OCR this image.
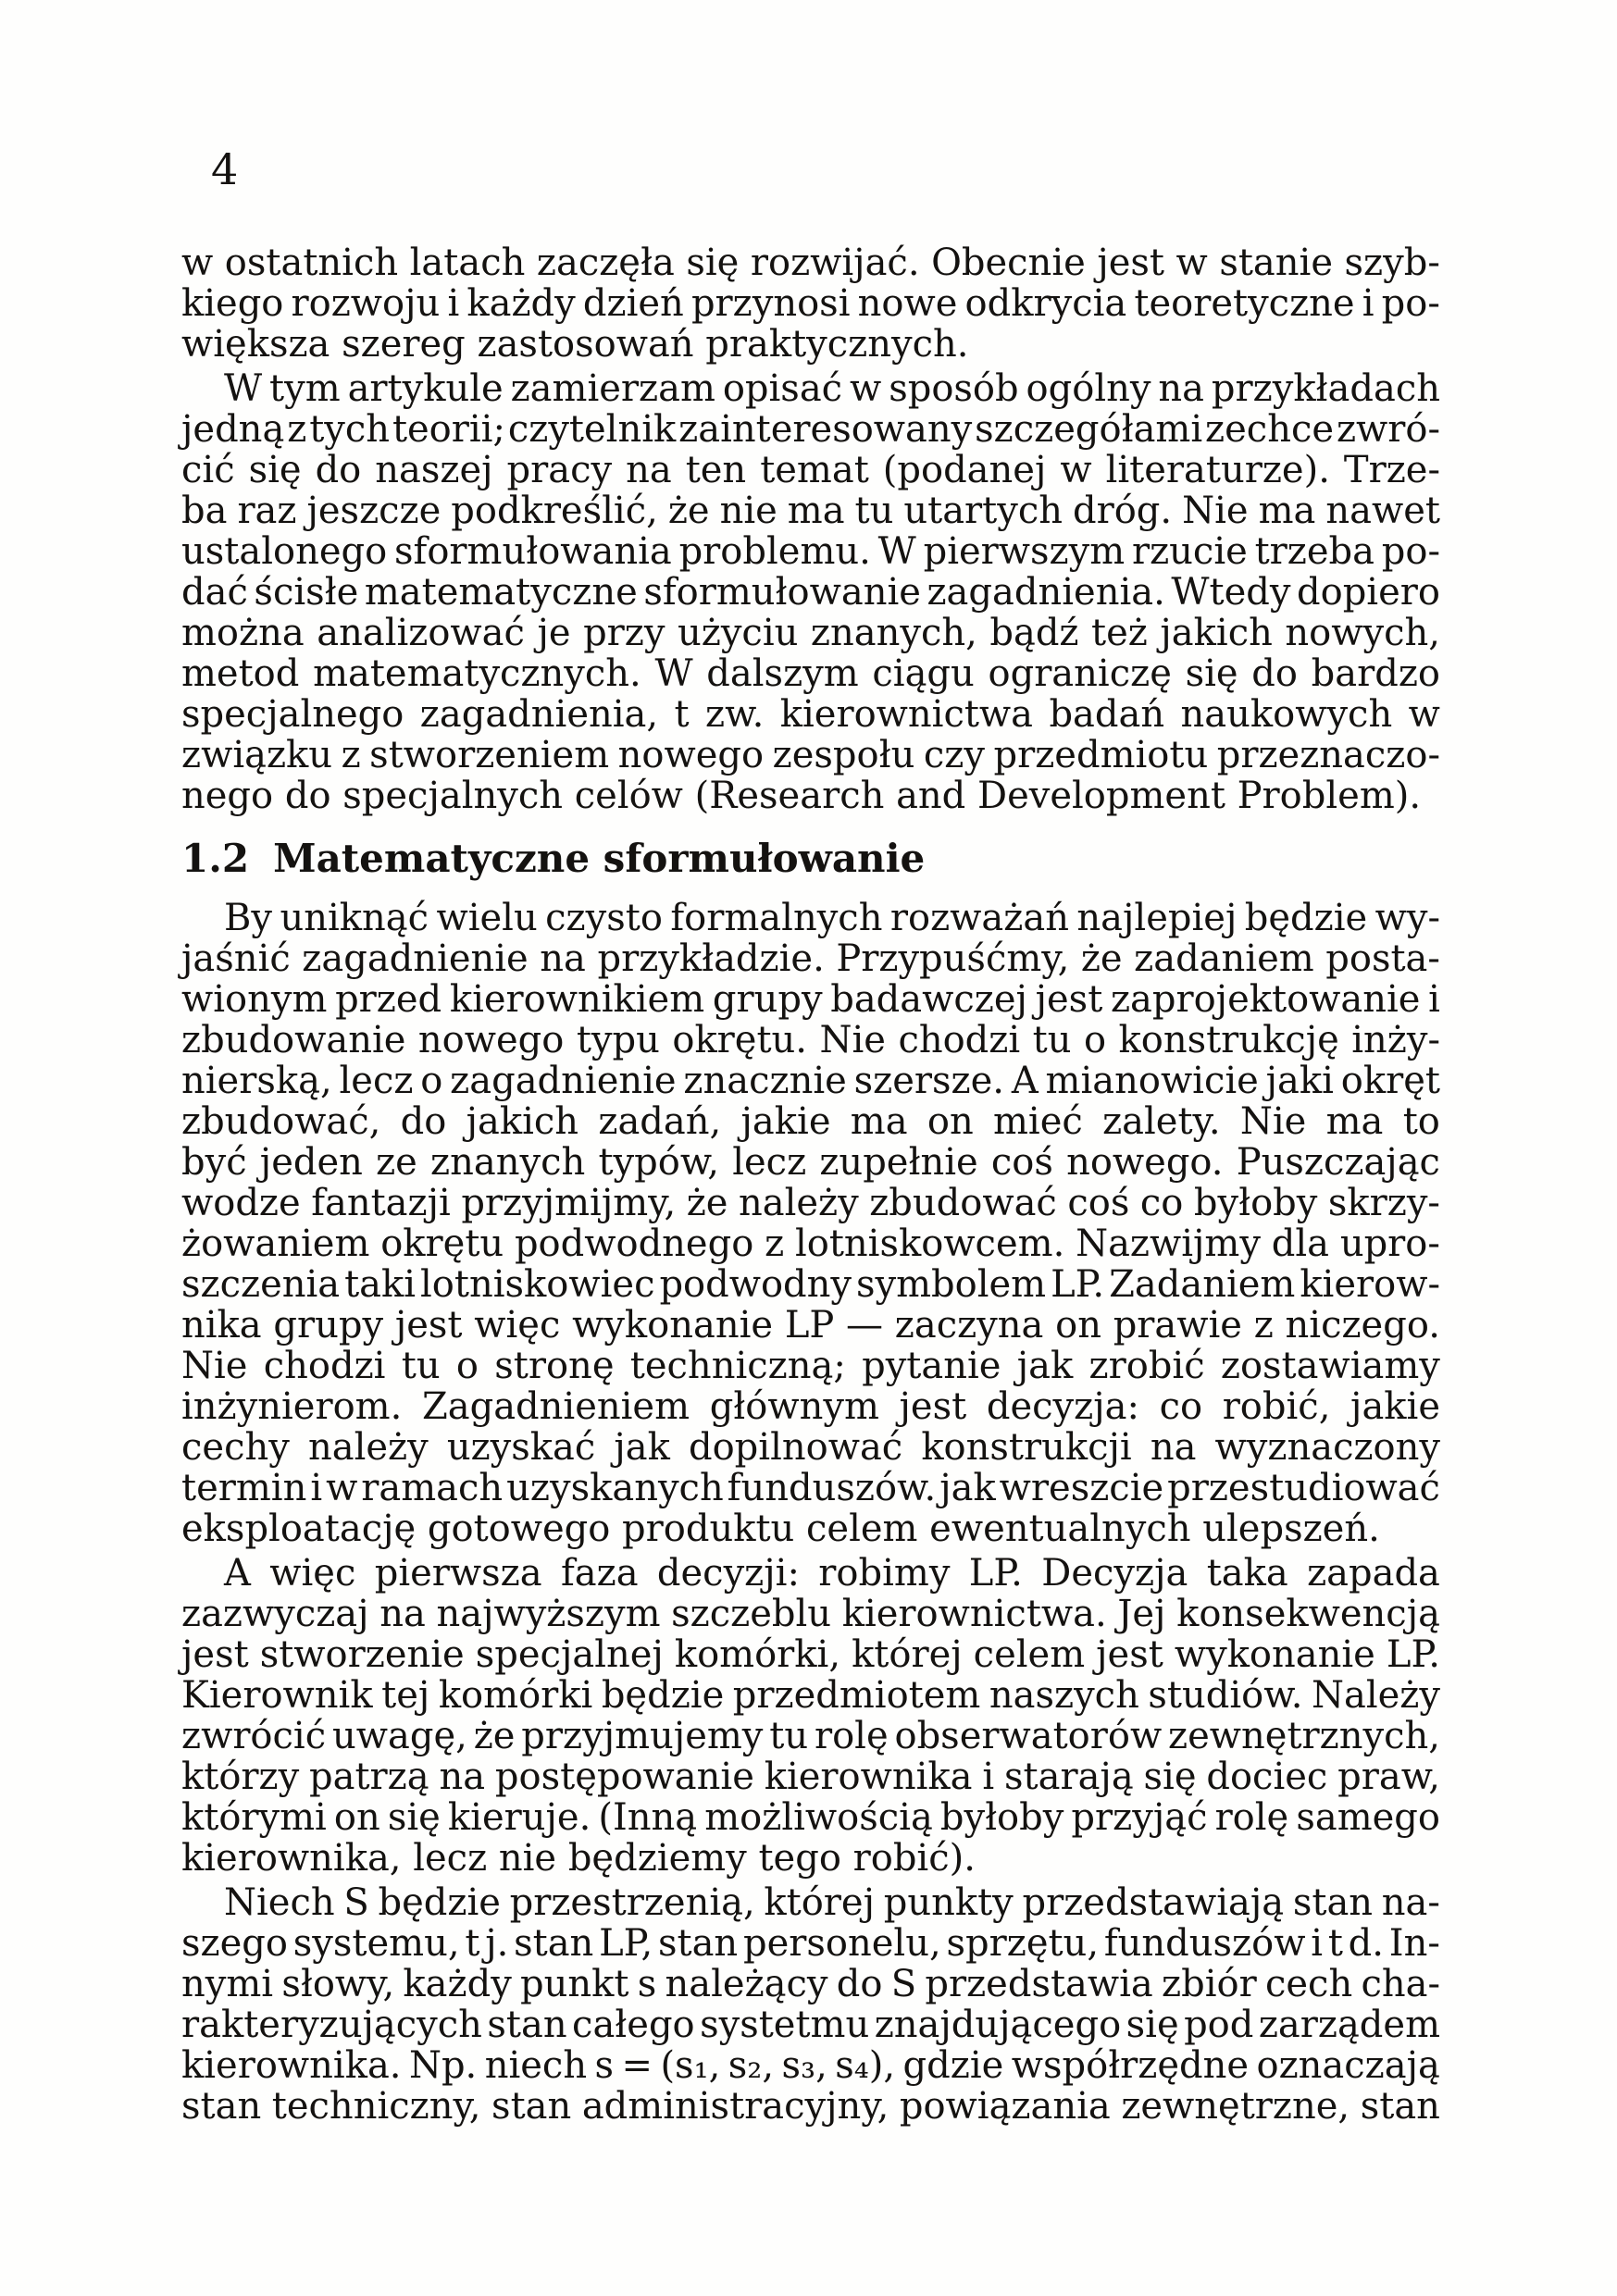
4
w ostatnich latach zaczęła się rozwijać. Obecnie jest w stanie szyb-
kiego rozwoju i każdy dzień przynosi nowe odkrycia teoretyczne i po-
większa szereg zastosowań praktycznych.
W tym artykule zamierzam opisać w sposób ogólny na przykładach
jedną z tych teorii; czytelnik zainteresowany szczegółami zechce zwró-
cić się do naszej pracy na ten temat (podanej w literaturze). Trze-
ba raz jeszcze podkreślić, że nie ma tu utartych dróg. Nie ma nawet
ustalonego sformułowania problemu. W pierwszym rzucie trzeba po-
dać ścisłe matematyczne sformułowanie zagadnienia. Wtedy dopiero
można analizować je przy użyciu znanych, bądź też jakich nowych,
metod matematycznych. W dalszym ciągu ograniczę się do bardzo
specjalnego zagadnienia, t zw. kierownictwa badań naukowych w
związku z stworzeniem nowego zespołu czy przedmiotu przeznaczo-
nego do specjalnych celów (Research and Development Problem).
1.2 Matematyczne sformułowanie
By uniknąć wielu czysto formalnych rozważań najlepiej będzie wy-
jaśnić zagadnienie na przykładzie. Przypuśćmy, że zadaniem posta-
wionym przed kierownikiem grupy badawczej jest zaprojektowanie i
zbudowanie nowego typu okrętu. Nie chodzi tu o konstrukcję inży-
nierską, lecz o zagadnienie znacznie szersze. A mianowicie jaki okręt
zbudować, do jakich zadań, jakie ma on mieć zalety. Nie ma to
być jeden ze znanych typów, lecz zupełnie coś nowego. Puszczając
wodze fantazji przyjmijmy, że należy zbudować coś co byłoby skrzy-
żowaniem okrętu podwodnego z lotniskowcem. Nazwijmy dla upro-
szczenia taki lotniskowiec podwodny symbolem LP. Zadaniem kierow-
nika grupy jest więc wykonanie LP — zaczyna on prawie z niczego.
Nie chodzi tu o stronę techniczną; pytanie jak zrobić zostawiamy
inżynierom. Zagadnieniem głównym jest decyzja: co robić, jakie
cechy należy uzyskać jak dopilnować konstrukcji na wyznaczony
termin i w ramach uzyskanych funduszów. jak wreszcie przestudiować
eksploatację gotowego produktu celem ewentualnych ulepszeń.
A więc pierwsza faza decyzji: robimy LP. Decyzja taka zapada
zazwyczaj na najwyższym szczeblu kierownictwa. Jej konsekwencją
jest stworzenie specjalnej komórki, której celem jest wykonanie LP.
Kierownik tej komórki będzie przedmiotem naszych studiów. Należy
zwrócić uwagę, że przyjmujemy tu rolę obserwatorów zewnętrznych,
którzy patrzą na postępowanie kierownika i starają się dociec praw,
którymi on się kieruje. (Inną możliwością byłoby przyjąć rolę samego
kierownika, lecz nie będziemy tego robić).
Niech S będzie przestrzenią, której punkty przedstawiają stan na-
szego systemu, t j. stan LP, stan personelu, sprzętu, funduszów i t d. In-
nymi słowy, każdy punkt s należący do S przedstawia zbiór cech cha-
rakteryzujących stan całego systetmu znajdującego się pod zarządem
kierownika. Np. niech s = (s₁, s₂, s₃, s₄), gdzie współrzędne oznaczają
stan techniczny, stan administracyjny, powiązania zewnętrzne, stan
